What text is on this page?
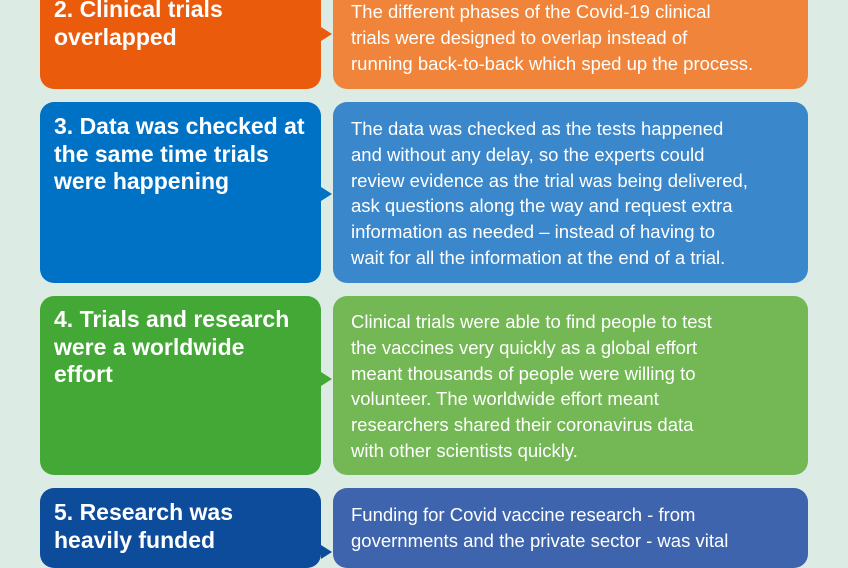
2. Clinical trials
overlapped
The different phases of the Covid-19 clinical
trials were designed to overlap instead of
running back-to-back which sped up the process.
3. Data was checked at
the same time trials
were happening
The data was checked as the tests happened
and without any delay, so the experts could
review evidence as the trial was being delivered,
ask questions along the way and request extra
information as needed – instead of having to
wait for all the information at the end of a trial.
4. Trials and research
were a worldwide
effort
Clinical trials were able to find people to test
the vaccines very quickly as a global effort
meant thousands of people were willing to
volunteer. The worldwide effort meant
researchers shared their coronavirus data
with other scientists quickly.
5. Research was
heavily funded
Funding for Covid vaccine research - from
governments and the private sector - was vital
